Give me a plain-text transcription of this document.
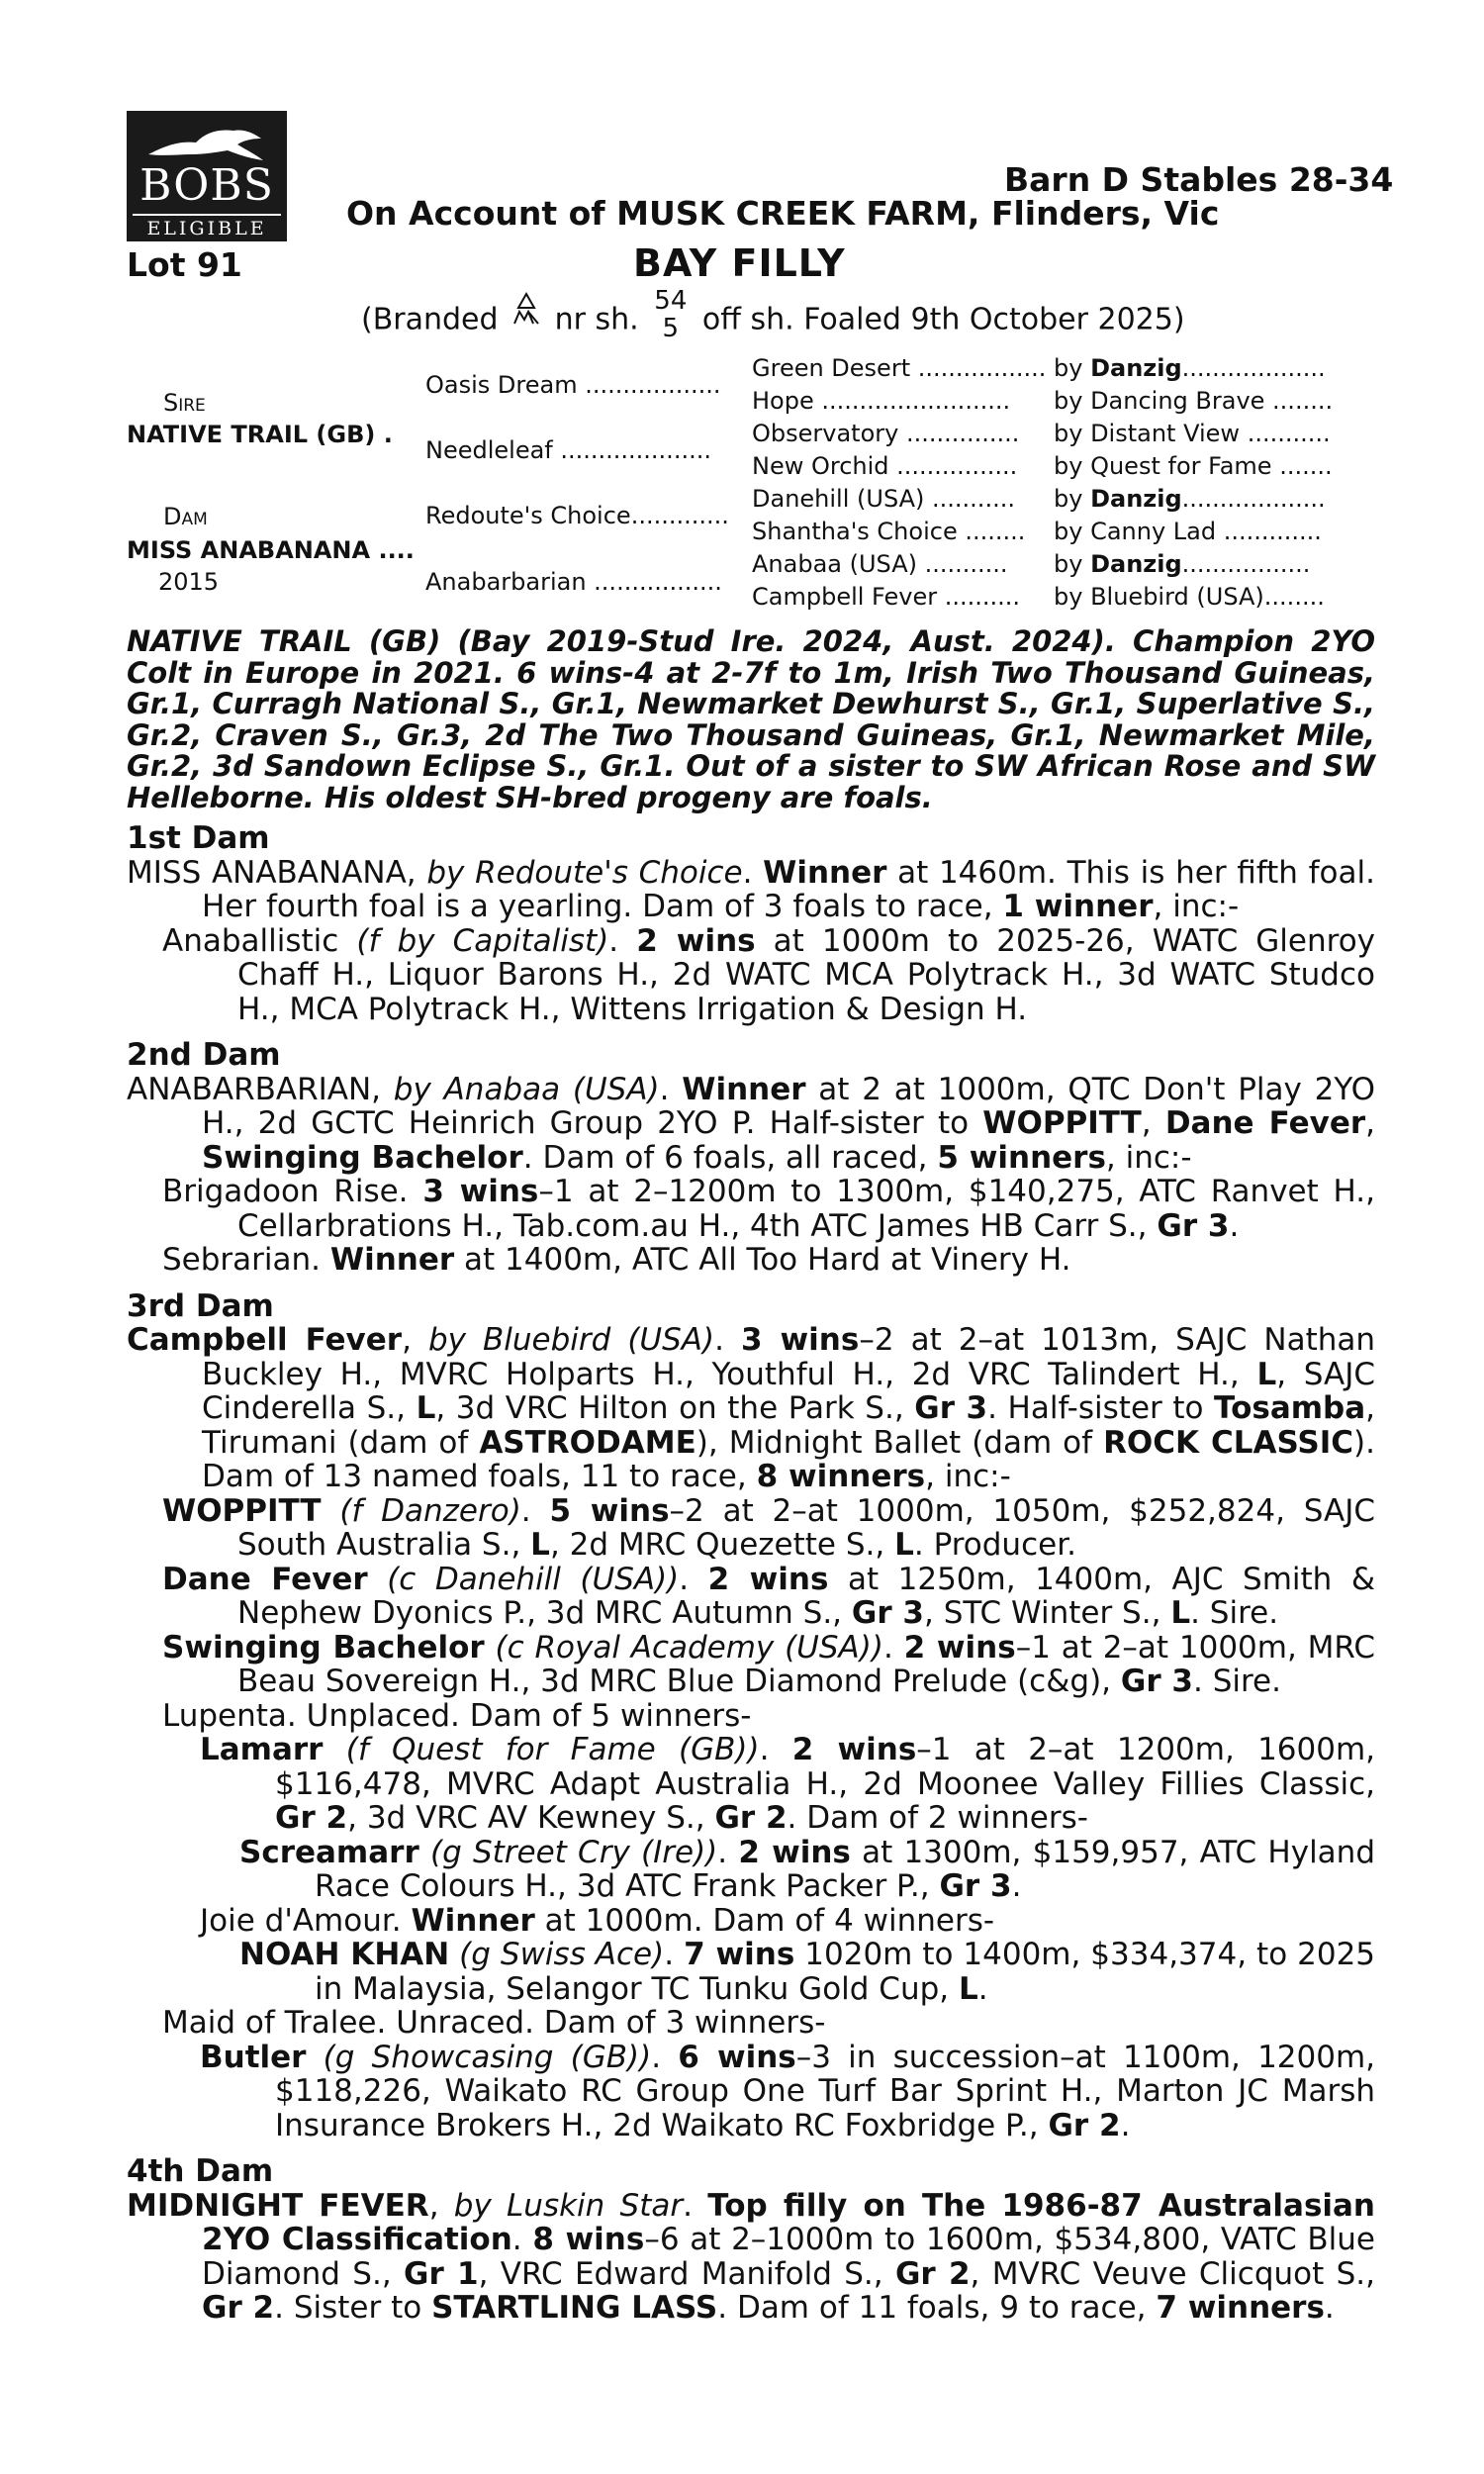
BOBS
ELIGIBLE
Barn D Stables 28-34
On Account of MUSK CREEK FARM, Flinders, Vic
Lot 91	BAY FILLY
(Branded nr sh.
54
5 off sh. Foaled 9th October 2025)
Sire
NATIVE TRAIL (GB) .
Dam
MISS ANABANANA ....
2015
Oasis Dream ..................
Needleleaf ....................
Redoute's Choice.............
Anabarbarian .................
Green Desert ................. by Danzig...................
Hope ......................... by Dancing Brave ........
Observatory ............... by Distant View ...........
New Orchid ................ by Quest for Fame .......
Danehill (USA) ........... by Danzig...................
Shantha's Choice ........ by Canny Lad .............
Anabaa (USA) ........... by Danzig.................
Campbell Fever .......... by Bluebird (USA)........

NATIVE TRAIL (GB) (Bay 2019-Stud Ire. 2024, Aust. 2024). Champion 2YO Colt in Europe in 2021. 6 wins-4 at 2-7f to 1m, Irish Two Thousand Guineas, Gr.1, Curragh National S., Gr.1, Newmarket Dewhurst S., Gr.1, Superlative S., Gr.2, Craven S., Gr.3, 2d The Two Thousand Guineas, Gr.1, Newmarket Mile, Gr.2, 3d Sandown Eclipse S., Gr.1. Out of a sister to SW African Rose and SW Helleborne. His oldest SH-bred progeny are foals.

1st Dam

MISS ANABANANA, by Redoute's Choice. Winner at 1460m. This is her fifth foal. Her fourth foal is a yearling. Dam of 3 foals to race, 1 winner, inc:-

Anaballistic (f by Capitalist). 2 wins at 1000m to 2025-26, WATC Glenroy Chaff H., Liquor Barons H., 2d WATC MCA Polytrack H., 3d WATC Studco H., MCA Polytrack H., Wittens Irrigation & Design H.

2nd Dam

ANABARBARIAN, by Anabaa (USA). Winner at 2 at 1000m, QTC Don't Play 2YO H., 2d GCTC Heinrich Group 2YO P. Half-sister to WOPPITT, Dane Fever, Swinging Bachelor. Dam of 6 foals, all raced, 5 winners, inc:-

Brigadoon Rise. 3 wins–1 at 2–1200m to 1300m, $140,275, ATC Ranvet H., Cellarbrations H., Tab.com.au H., 4th ATC James HB Carr S., Gr 3.

Sebrarian. Winner at 1400m, ATC All Too Hard at Vinery H.

3rd Dam

Campbell Fever, by Bluebird (USA). 3 wins–2 at 2–at 1013m, SAJC Nathan Buckley H., MVRC Holparts H., Youthful H., 2d VRC Talindert H., L, SAJC Cinderella S., L, 3d VRC Hilton on the Park S., Gr 3. Half-sister to Tosamba, Tirumani (dam of ASTRODAME), Midnight Ballet (dam of ROCK CLASSIC). Dam of 13 named foals, 11 to race, 8 winners, inc:-

WOPPITT (f Danzero). 5 wins–2 at 2–at 1000m, 1050m, $252,824, SAJC South Australia S., L, 2d MRC Quezette S., L. Producer.

Dane Fever (c Danehill (USA)). 2 wins at 1250m, 1400m, AJC Smith & Nephew Dyonics P., 3d MRC Autumn S., Gr 3, STC Winter S., L. Sire.

Swinging Bachelor (c Royal Academy (USA)). 2 wins–1 at 2–at 1000m, MRC Beau Sovereign H., 3d MRC Blue Diamond Prelude (c&g), Gr 3. Sire.

Lupenta. Unplaced. Dam of 5 winners-

Lamarr (f Quest for Fame (GB)). 2 wins–1 at 2–at 1200m, 1600m, $116,478, MVRC Adapt Australia H., 2d Moonee Valley Fillies Classic, Gr 2, 3d VRC AV Kewney S., Gr 2. Dam of 2 winners-

Screamarr (g Street Cry (Ire)). 2 wins at 1300m, $159,957, ATC Hyland Race Colours H., 3d ATC Frank Packer P., Gr 3.

Joie d'Amour. Winner at 1000m. Dam of 4 winners-

NOAH KHAN (g Swiss Ace). 7 wins 1020m to 1400m, $334,374, to 2025 in Malaysia, Selangor TC Tunku Gold Cup, L.

Maid of Tralee. Unraced. Dam of 3 winners-

Butler (g Showcasing (GB)). 6 wins–3 in succession–at 1100m, 1200m, $118,226, Waikato RC Group One Turf Bar Sprint H., Marton JC Marsh Insurance Brokers H., 2d Waikato RC Foxbridge P., Gr 2.

4th Dam

MIDNIGHT FEVER, by Luskin Star. Top filly on The 1986-87 Australasian 2YO Classification. 8 wins–6 at 2–1000m to 1600m, $534,800, VATC Blue Diamond S., Gr 1, VRC Edward Manifold S., Gr 2, MVRC Veuve Clicquot S., Gr 2. Sister to STARTLING LASS. Dam of 11 foals, 9 to race, 7 winners.
